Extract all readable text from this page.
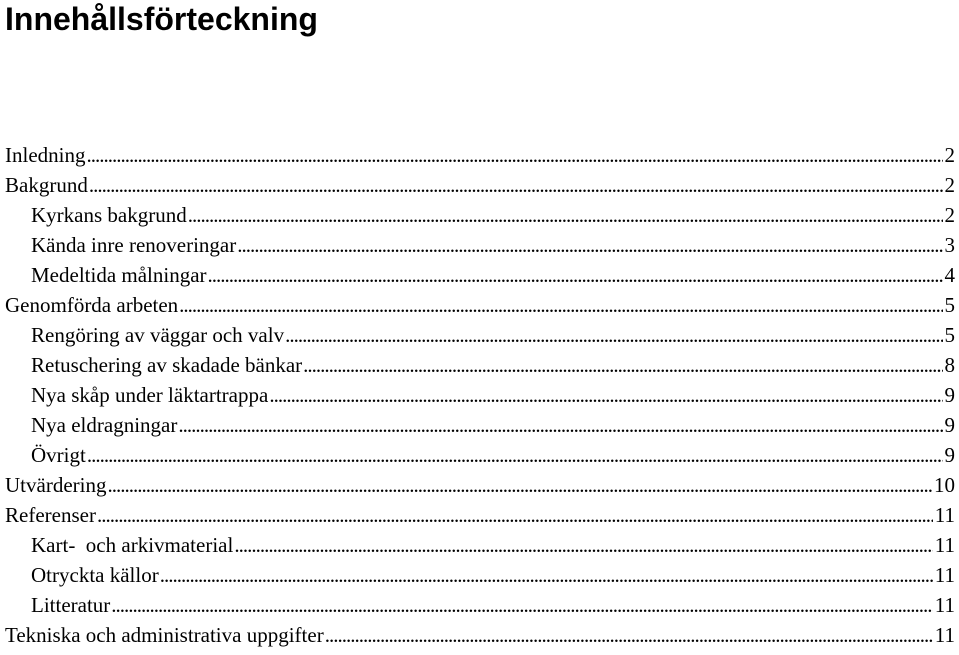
Innehållsförteckning
Inledning .....	2
Bakgrund .....	2
Kyrkans bakgrund .....	2
Kända inre renoveringar .....	3
Medeltida målningar .....	4
Genomförda arbeten .....	5
Rengöring av väggar och valv .....	5
Retuschering av skadade bänkar .....	8
Nya skåp under läktartrappa .....	9
Nya eldragningar .....	9
Övrigt .....	9
Utvärdering .....	10
Referenser .....	11
Kart-  och arkivmaterial .....	11
Otryckta källor .....	11
Litteratur .....	11
Tekniska och administrativa uppgifter .....	11
